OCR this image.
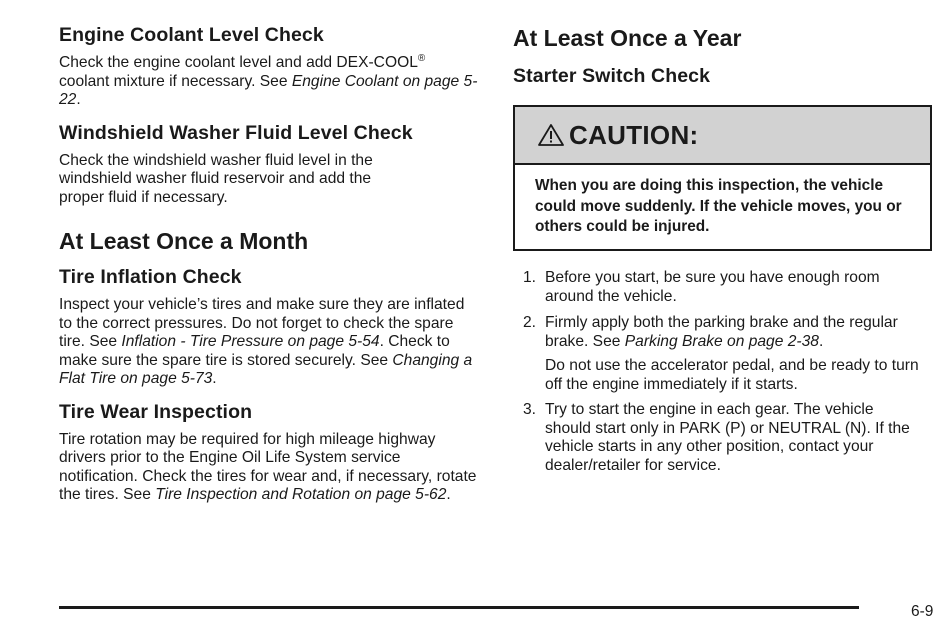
Engine Coolant Level Check

Check the engine coolant level and add DEX-COOL® coolant mixture if necessary. See Engine Coolant on page 5-22.

Windshield Washer Fluid Level Check

Check the windshield washer fluid level in the windshield washer fluid reservoir and add the proper fluid if necessary.

At Least Once a Month
Tire Inflation Check

Inspect your vehicle’s tires and make sure they are inflated to the correct pressures. Do not forget to check the spare tire. See Inflation - Tire Pressure on page 5-54. Check to make sure the spare tire is stored securely. See Changing a Flat Tire on page 5-73.

Tire Wear Inspection

Tire rotation may be required for high mileage highway drivers prior to the Engine Oil Life System service notification. Check the tires for wear and, if necessary, rotate the tires. See Tire Inspection and Rotation on page 5-62.

At Least Once a Year
Starter Switch Check
CAUTION:
When you are doing this inspection, the vehicle could move suddenly. If the vehicle moves, you or others could be injured.
1. Before you start, be sure you have enough room around the vehicle.
2. Firmly apply both the parking brake and the regular brake. See Parking Brake on page 2-38.
Do not use the accelerator pedal, and be ready to turn off the engine immediately if it starts.
3. Try to start the engine in each gear. The vehicle should start only in PARK (P) or NEUTRAL (N). If the vehicle starts in any other position, contact your dealer/retailer for service.
6-9
